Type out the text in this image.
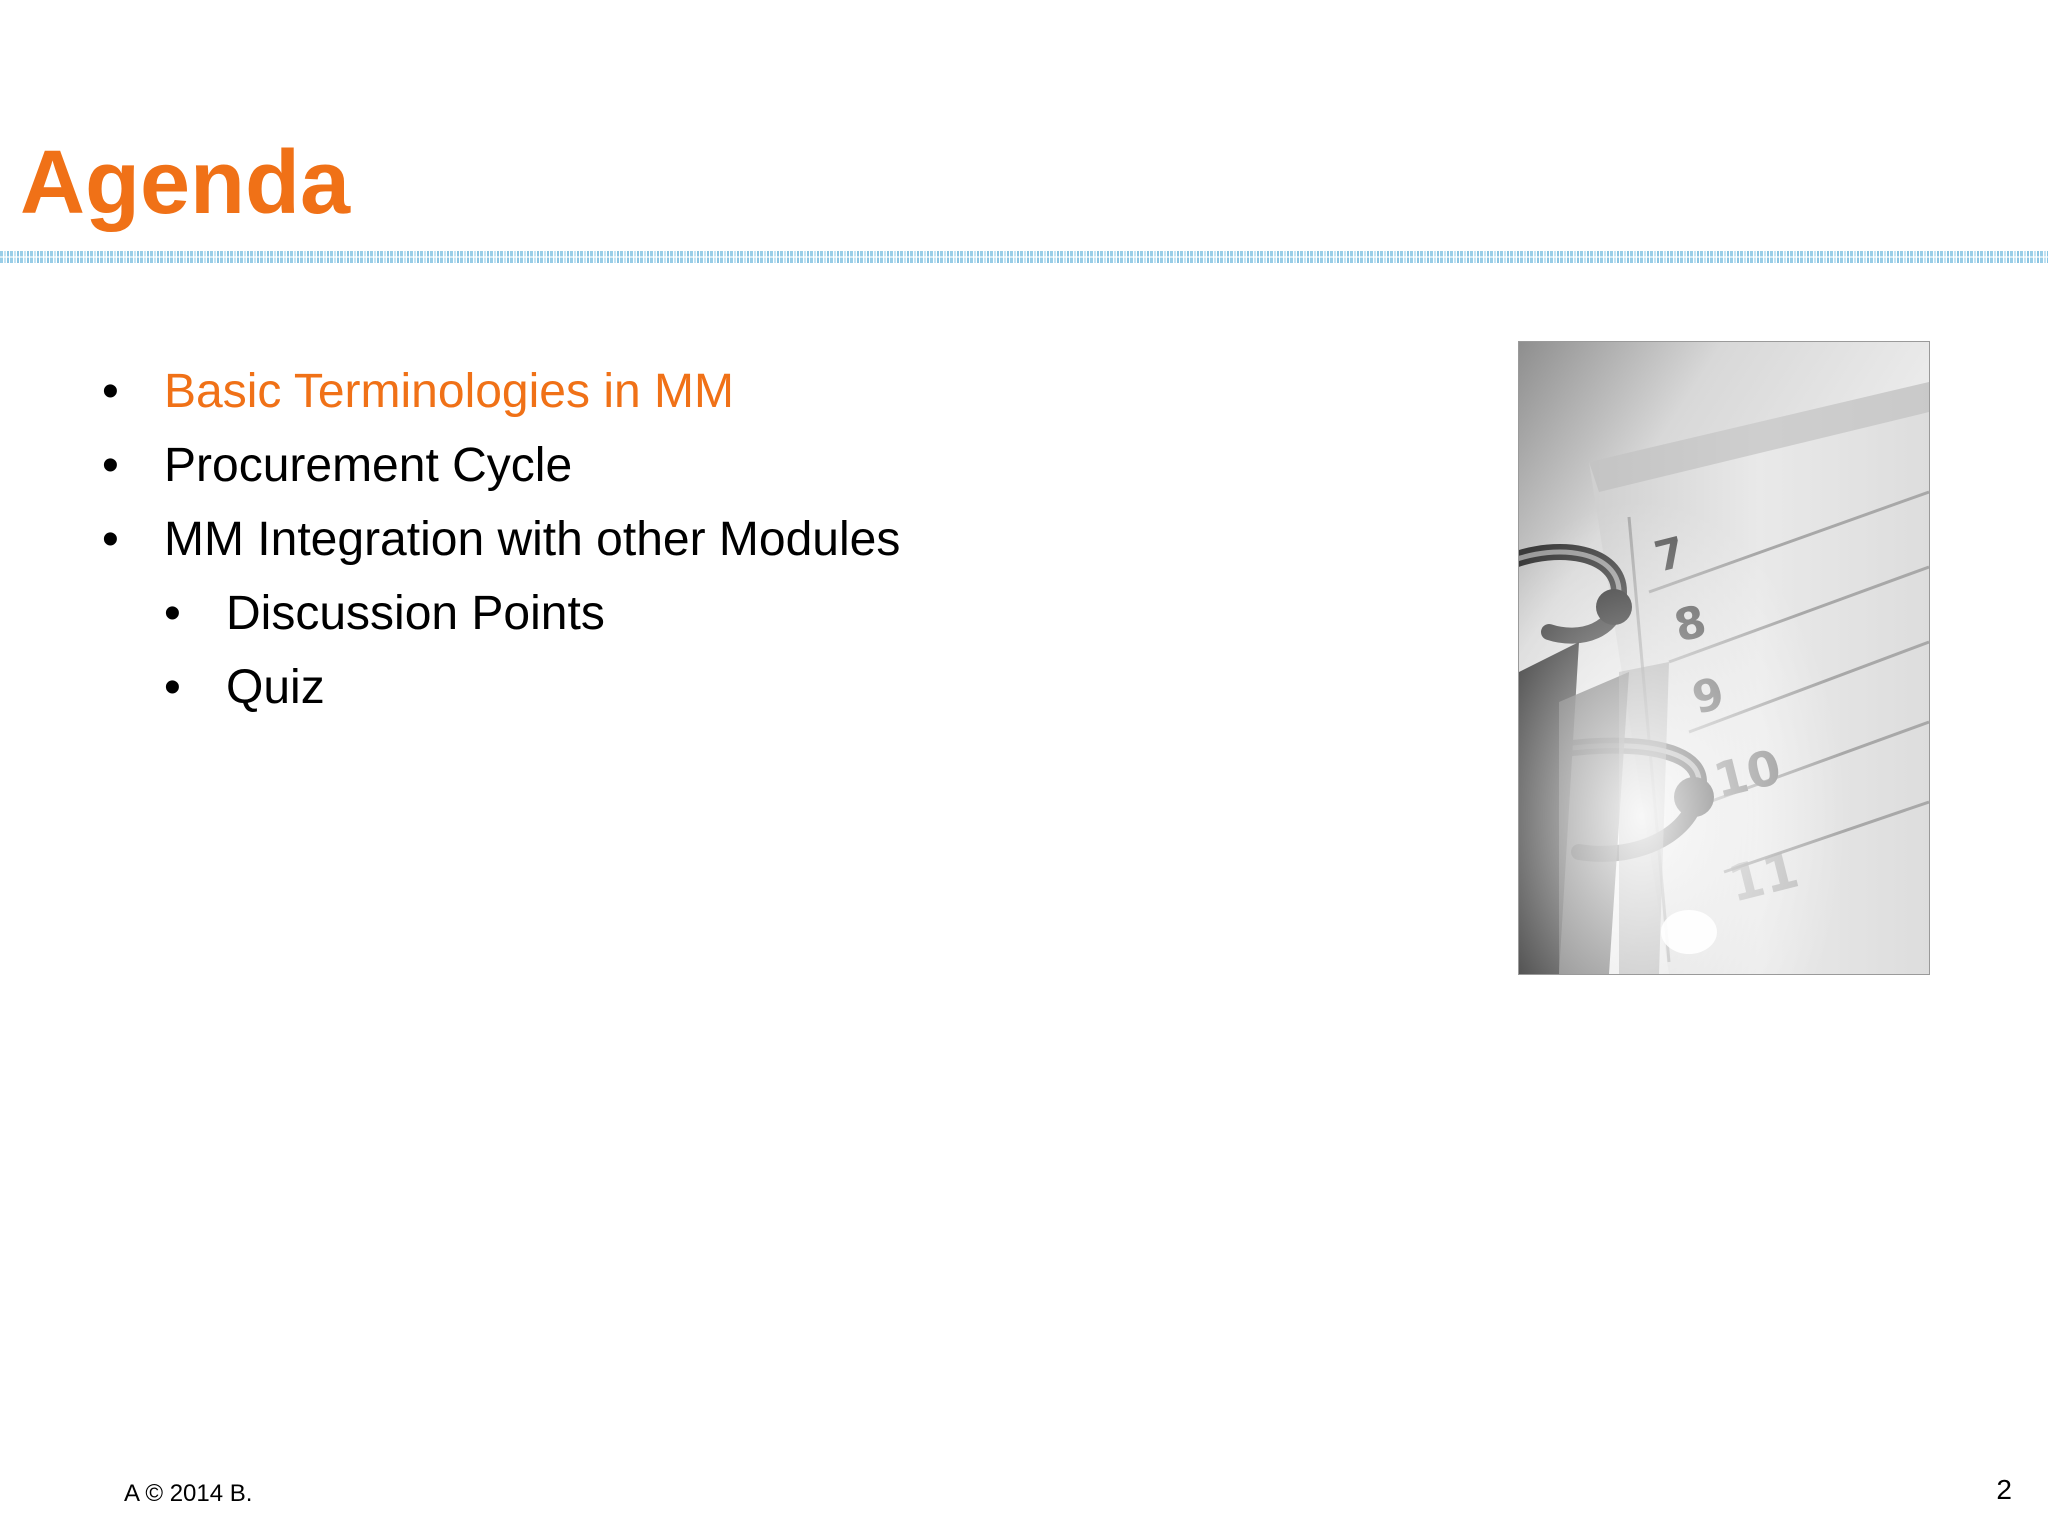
Agenda
• Basic Terminologies in MM
• Procurement Cycle
• MM Integration with other Modules
• Discussion Points
• Quiz
A © 2014 B.	2
